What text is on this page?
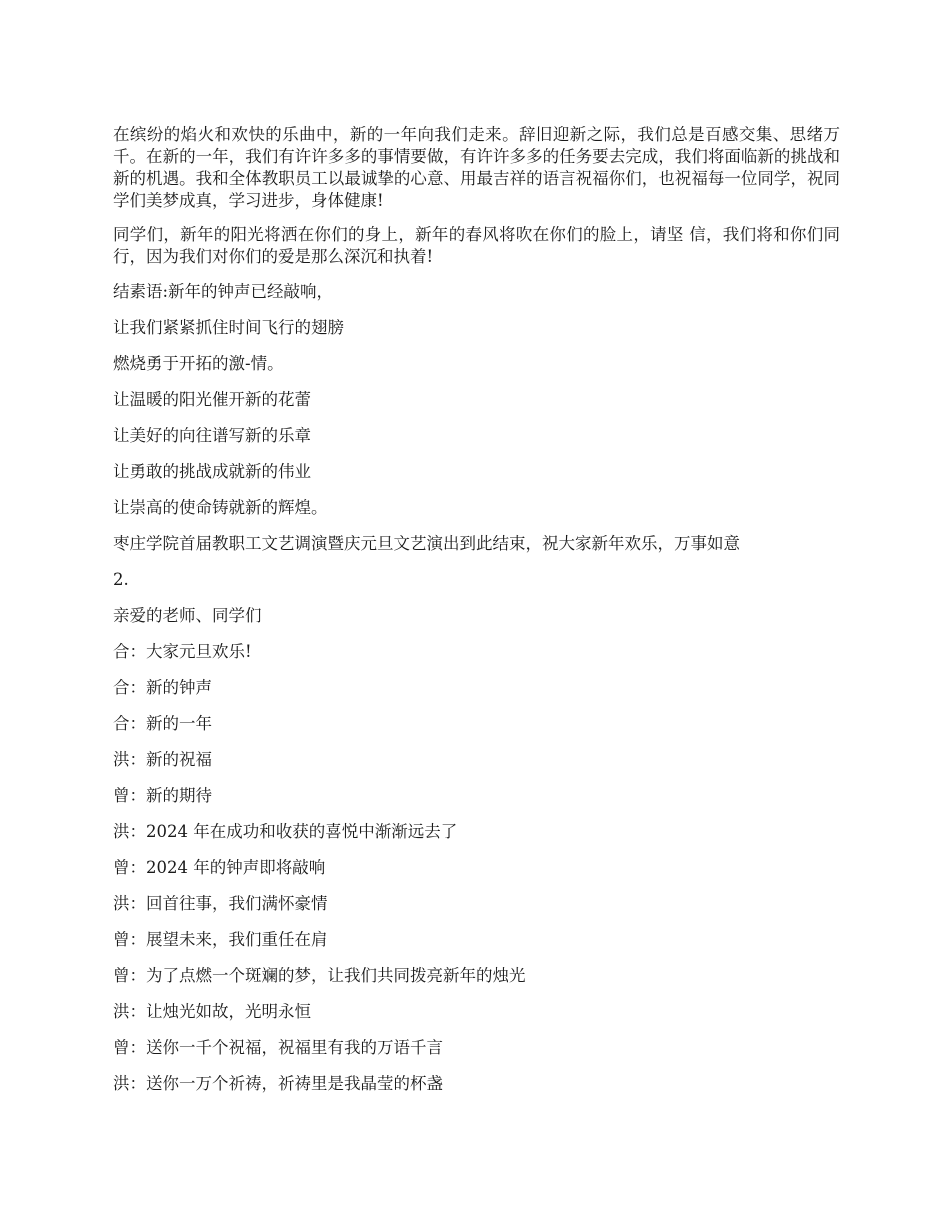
在缤纷的焰火和欢快的乐曲中，新的一年向我们走来。辞旧迎新之际，我们总是百感交集、思绪万千。在新的一年，我们有许许多多的事情要做，有许许多多的任务要去完成，我们将面临新的挑战和新的机遇。我和全体教职员工以最诚挚的心意、用最吉祥的语言祝福你们，也祝福每一位同学，祝同学们美梦成真，学习进步，身体健康!

同学们，新年的阳光将洒在你们的身上，新年的春风将吹在你们的脸上，请坚 信，我们将和你们同行，因为我们对你们的爱是那么深沉和执着!

结素语:新年的钟声已经敲响，

让我们紧紧抓住时间飞行的翅膀

燃烧勇于开拓的激-情。

让温暖的阳光催开新的花蕾

让美好的向往谱写新的乐章

让勇敢的挑战成就新的伟业

让崇高的使命铸就新的辉煌。

枣庄学院首届教职工文艺调演暨庆元旦文艺演出到此结束，祝大家新年欢乐，万事如意

2.

亲爱的老师、同学们

合：大家元旦欢乐!

合：新的钟声

合：新的一年

洪：新的祝福

曾：新的期待

洪：2024 年在成功和收获的喜悦中渐渐远去了

曾：2024 年的钟声即将敲响

洪：回首往事，我们满怀豪情

曾：展望未来，我们重任在肩

曾：为了点燃一个斑斓的梦，让我们共同拨亮新年的烛光

洪：让烛光如故，光明永恒

曾：送你一千个祝福，祝福里有我的万语千言

洪：送你一万个祈祷，祈祷里是我晶莹的杯盏
